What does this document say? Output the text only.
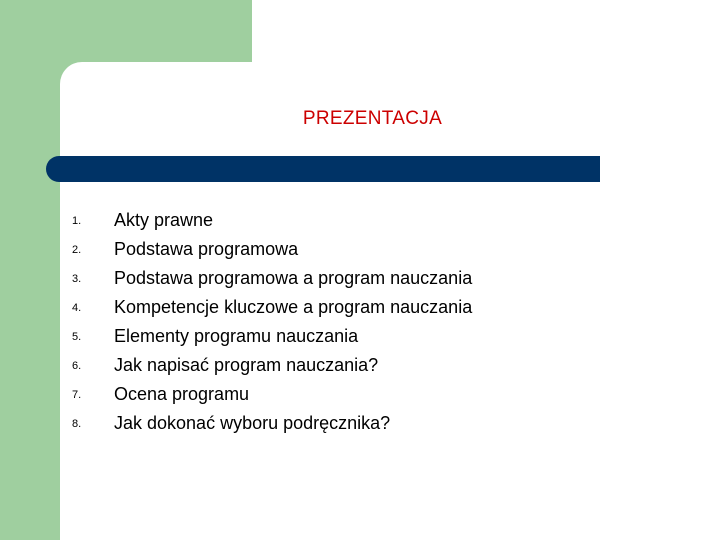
PREZENTACJA
1.	Akty prawne
2.	Podstawa programowa
3.	Podstawa programowa a program nauczania
4.	Kompetencje kluczowe a program nauczania
5.	Elementy programu nauczania
6.	Jak napisać program nauczania?
7.	Ocena programu
8.	Jak dokonać wyboru podręcznika?
